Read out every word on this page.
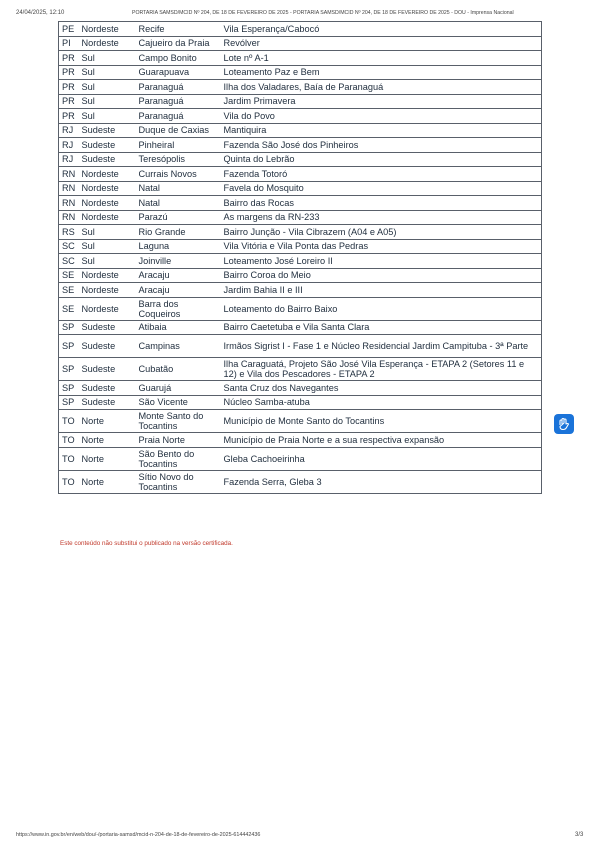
24/04/2025, 12:10	PORTARIA SAMSD/MCID Nº 204, DE 18 DE FEVEREIRO DE 2025 - PORTARIA SAMSD/MCID Nº 204, DE 18 DE FEVEREIRO DE 2025 - DOU - Imprensa Nacional
PE	Nordeste	Recife	Vila Esperança/Cabocó
PI	Nordeste	Cajueiro da Praia	Revólver
PR	Sul	Campo Bonito	Lote nº A-1
PR	Sul	Guarapuava	Loteamento Paz e Bem
PR	Sul	Paranaguá	Ilha dos Valadares, Baía de Paranaguá
PR	Sul	Paranaguá	Jardim Primavera
PR	Sul	Paranaguá	Vila do Povo
RJ	Sudeste	Duque de Caxias	Mantiquira
RJ	Sudeste	Pinheiral	Fazenda São José dos Pinheiros
RJ	Sudeste	Teresópolis	Quinta do Lebrão
RN	Nordeste	Currais Novos	Fazenda Totoró
RN	Nordeste	Natal	Favela do Mosquito
RN	Nordeste	Natal	Bairro das Rocas
RN	Nordeste	Parazú	As margens da RN-233
RS	Sul	Rio Grande	Bairro Junção - Vila Cibrazem (A04 e A05)
SC	Sul	Laguna	Vila Vitória e Vila Ponta das Pedras
SC	Sul	Joinville	Loteamento José Loreiro II
SE	Nordeste	Aracaju	Bairro Coroa do Meio
SE	Nordeste	Aracaju	Jardim Bahia II e III
SE	Nordeste	Barra dos Coqueiros	Loteamento do Bairro Baixo
SP	Sudeste	Atibaia	Bairro Caetetuba e Vila Santa Clara
SP	Sudeste	Campinas	Irmãos Sigrist I - Fase 1 e Núcleo Residencial Jardim Campituba - 3ª Parte
SP	Sudeste	Cubatão	Ilha Caraguatá, Projeto São José Vila Esperança - ETAPA 2 (Setores 11 e 12) e Vila dos Pescadores - ETAPA 2
SP	Sudeste	Guarujá	Santa Cruz dos Navegantes
SP	Sudeste	São Vicente	Núcleo Samba-atuba
TO	Norte	Monte Santo do Tocantins	Município de Monte Santo do Tocantins
TO	Norte	Praia Norte	Município de Praia Norte e a sua respectiva expansão
TO	Norte	São Bento do Tocantins	Gleba Cachoeirinha
TO	Norte	Sítio Novo do Tocantins	Fazenda Serra, Gleba 3
Este conteúdo não substitui o publicado na versão certificada.
https://www.in.gov.br/en/web/dou/-/portaria-samsd/mcid-n-204-de-18-de-fevereiro-de-2025-614442436	3/3
